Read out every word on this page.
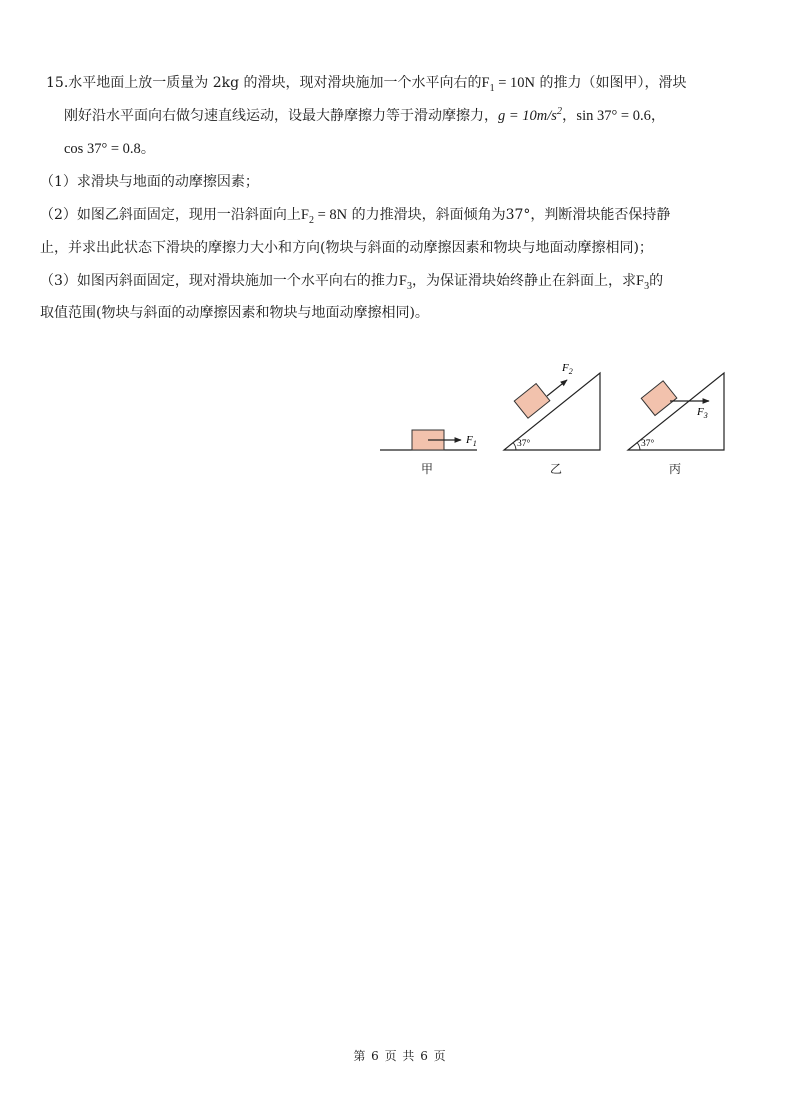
15.水平地面上放一质量为 2kg 的滑块，现对滑块施加一个水平向右的$F_1 = 10N$ 的推力（如图甲），滑块
刚好沿水平面向右做匀速直线运动，设最大静摩擦力等于滑动摩擦力，$g = 10m/s^2$，sin 37° = 0.6，
cos 37° = 0.8。
（1）求滑块与地面的动摩擦因素；
（2）如图乙斜面固定，现用一沿斜面向上$F_2 = 8N$ 的力推滑块，斜面倾角为37°，判断滑块能否保持静
止，并求出此状态下滑块的摩擦力大小和方向(物块与斜面的动摩擦因素和物块与地面动摩擦相同)；
（3）如图丙斜面固定，现对滑块施加一个水平向右的推力$F_3$，为保证滑块始终静止在斜面上，求$F_3$的
取值范围(物块与斜面的动摩擦因素和物块与地面动摩擦相同)。
$F_1$	37°
$F_2$
37°
$F_3$
甲	乙	丙
第 6 页 共 6 页
